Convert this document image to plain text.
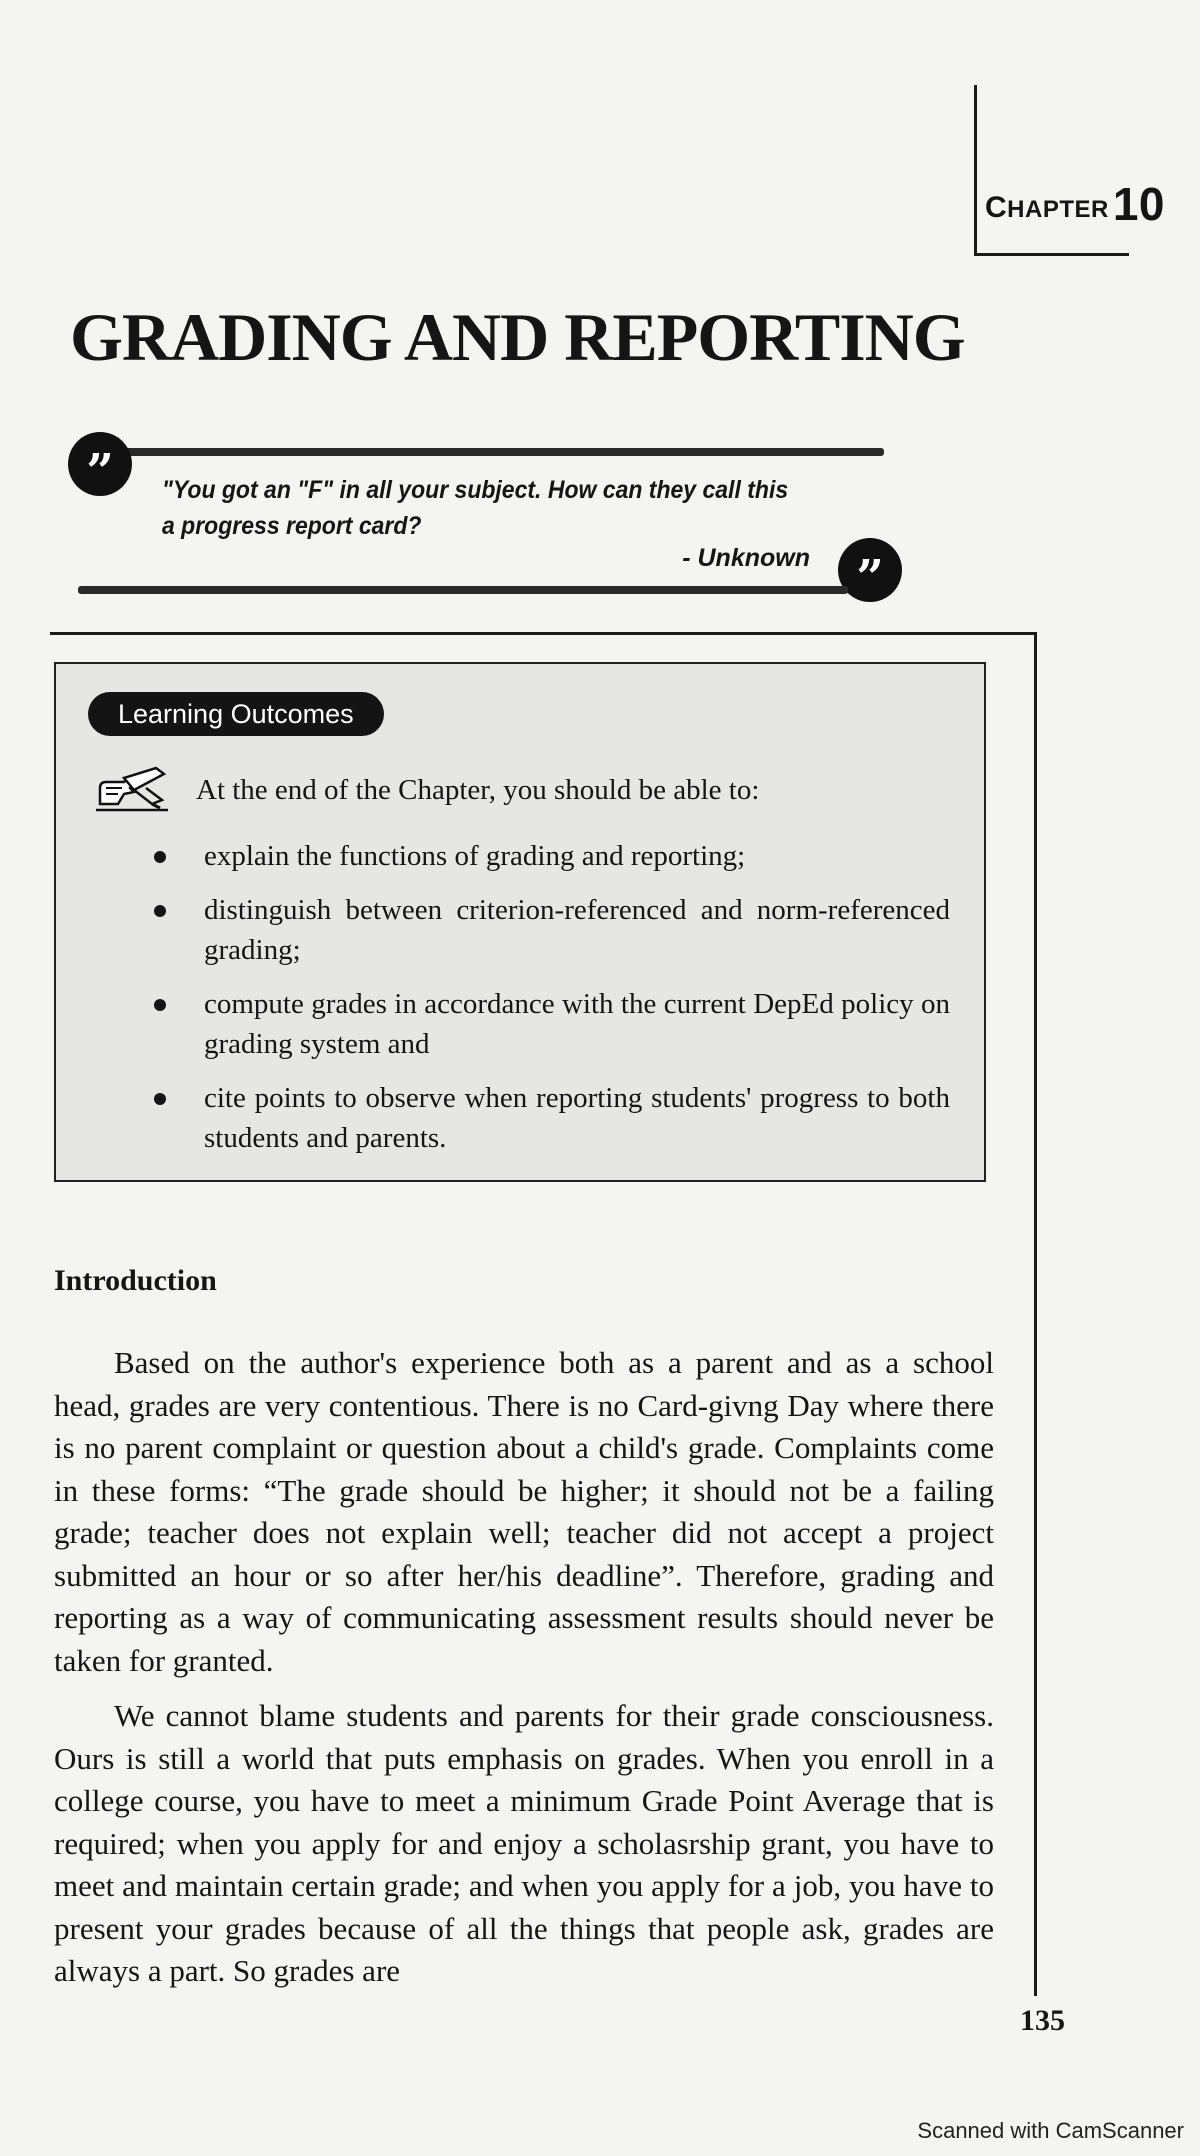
CHAPTER10
GRADING AND REPORTING
”	"You got an "F" in all your subject. How can they call this a progress report card?

- Unknown ”
Learning Outcomes
At the end of the Chapter, you should be able to:
explain the functions of grading and reporting;
distinguish between criterion-referenced and norm-referenced grading;
compute grades in accordance with the current DepEd policy on grading system and
cite points to observe when reporting students' progress to both students and parents.
Introduction

Based on the author's experience both as a parent and as a school head, grades are very contentious. There is no Card-givng Day where there is no parent complaint or question about a child's grade. Complaints come in these forms: “The grade should be higher; it should not be a failing grade; teacher does not explain well; teacher did not accept a project submitted an hour or so after her/his deadline”. Therefore, grading and reporting as a way of communicating assessment results should never be taken for granted.

We cannot blame students and parents for their grade consciousness. Ours is still a world that puts emphasis on grades. When you enroll in a college course, you have to meet a minimum Grade Point Average that is required; when you apply for and enjoy a scholasrship grant, you have to meet and maintain certain grade; and when you apply for a job, you have to present your grades because of all the things that people ask, grades are always a part. So grades are

135
Scanned with CamScanner
